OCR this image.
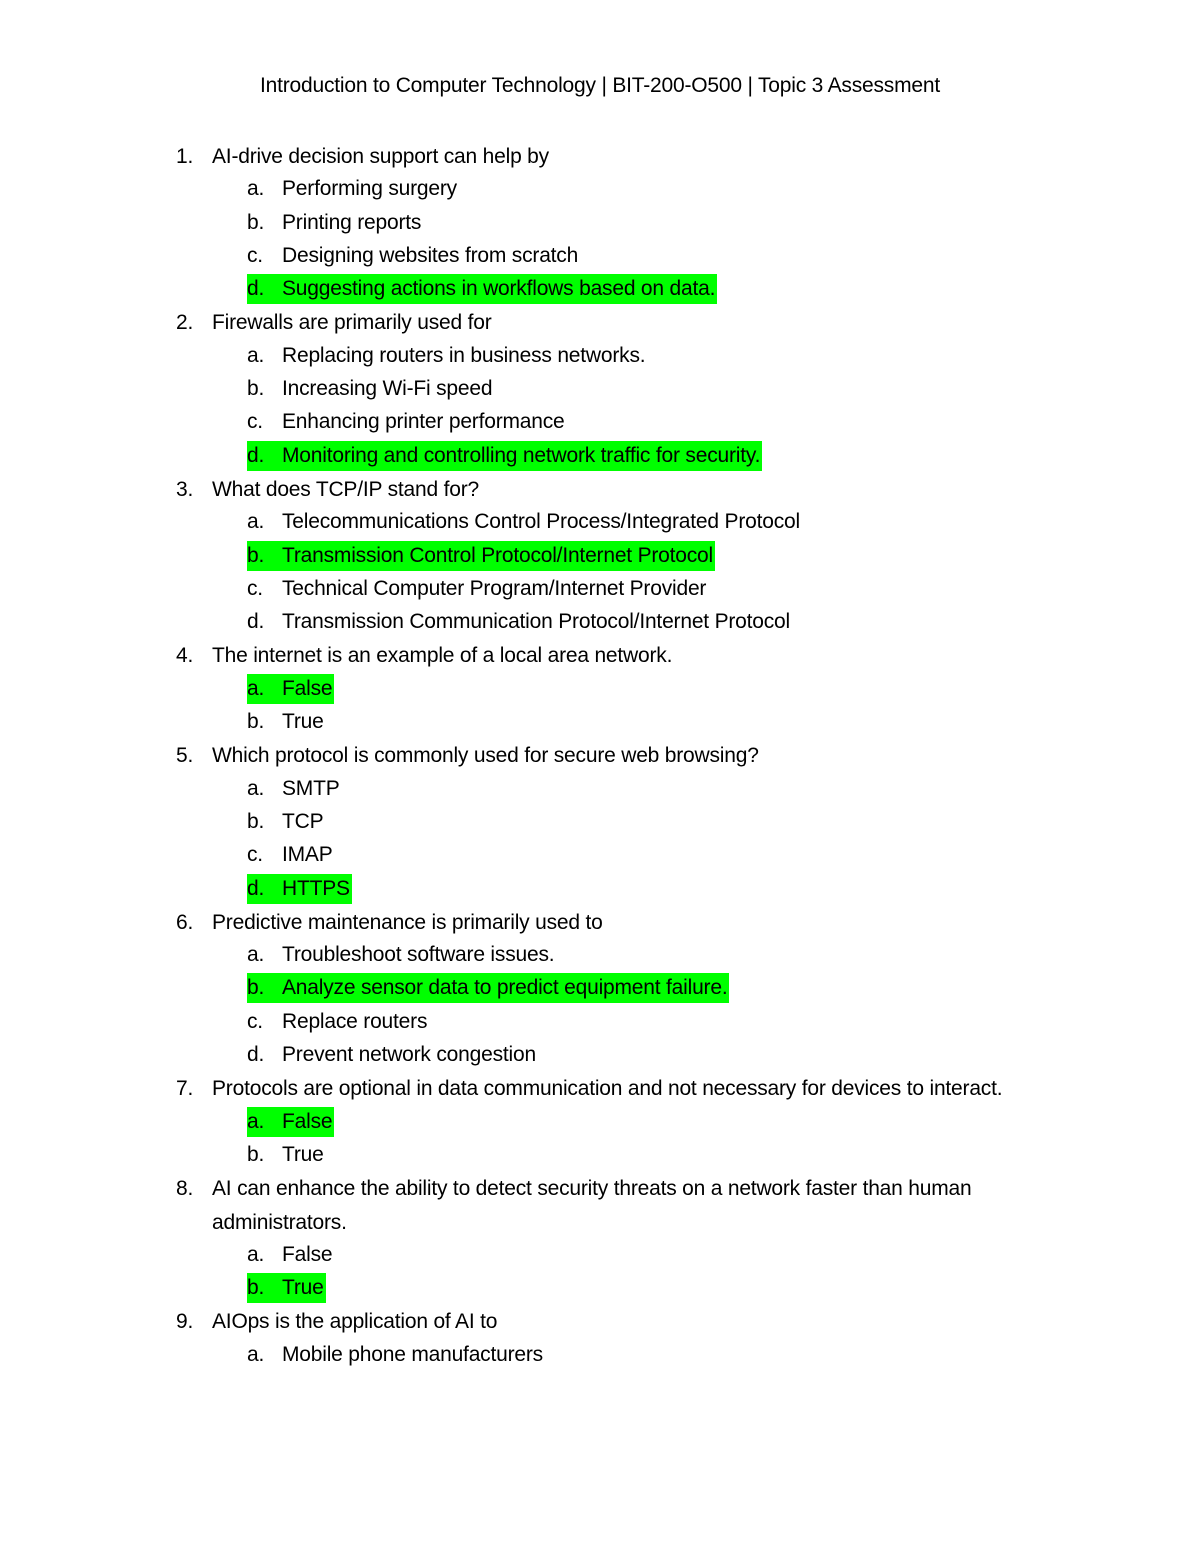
Introduction to Computer Technology | BIT-200-O500 | Topic 3 Assessment
1. AI-drive decision support can help by
a. Performing surgery
b. Printing reports
c. Designing websites from scratch
d. Suggesting actions in workflows based on data.
2. Firewalls are primarily used for
a. Replacing routers in business networks.
b. Increasing Wi-Fi speed
c. Enhancing printer performance
d. Monitoring and controlling network traffic for security.
3. What does TCP/IP stand for?
a. Telecommunications Control Process/Integrated Protocol
b. Transmission Control Protocol/Internet Protocol
c. Technical Computer Program/Internet Provider
d. Transmission Communication Protocol/Internet Protocol
4. The internet is an example of a local area network.
a. False
b. True
5. Which protocol is commonly used for secure web browsing?
a. SMTP
b. TCP
c. IMAP
d. HTTPS
6. Predictive maintenance is primarily used to
a. Troubleshoot software issues.
b. Analyze sensor data to predict equipment failure.
c. Replace routers
d. Prevent network congestion
7. Protocols are optional in data communication and not necessary for devices to interact.
a. False
b. True
8. AI can enhance the ability to detect security threats on a network faster than human administrators.
a. False
b. True
9. AIOps is the application of AI to
a. Mobile phone manufacturers
